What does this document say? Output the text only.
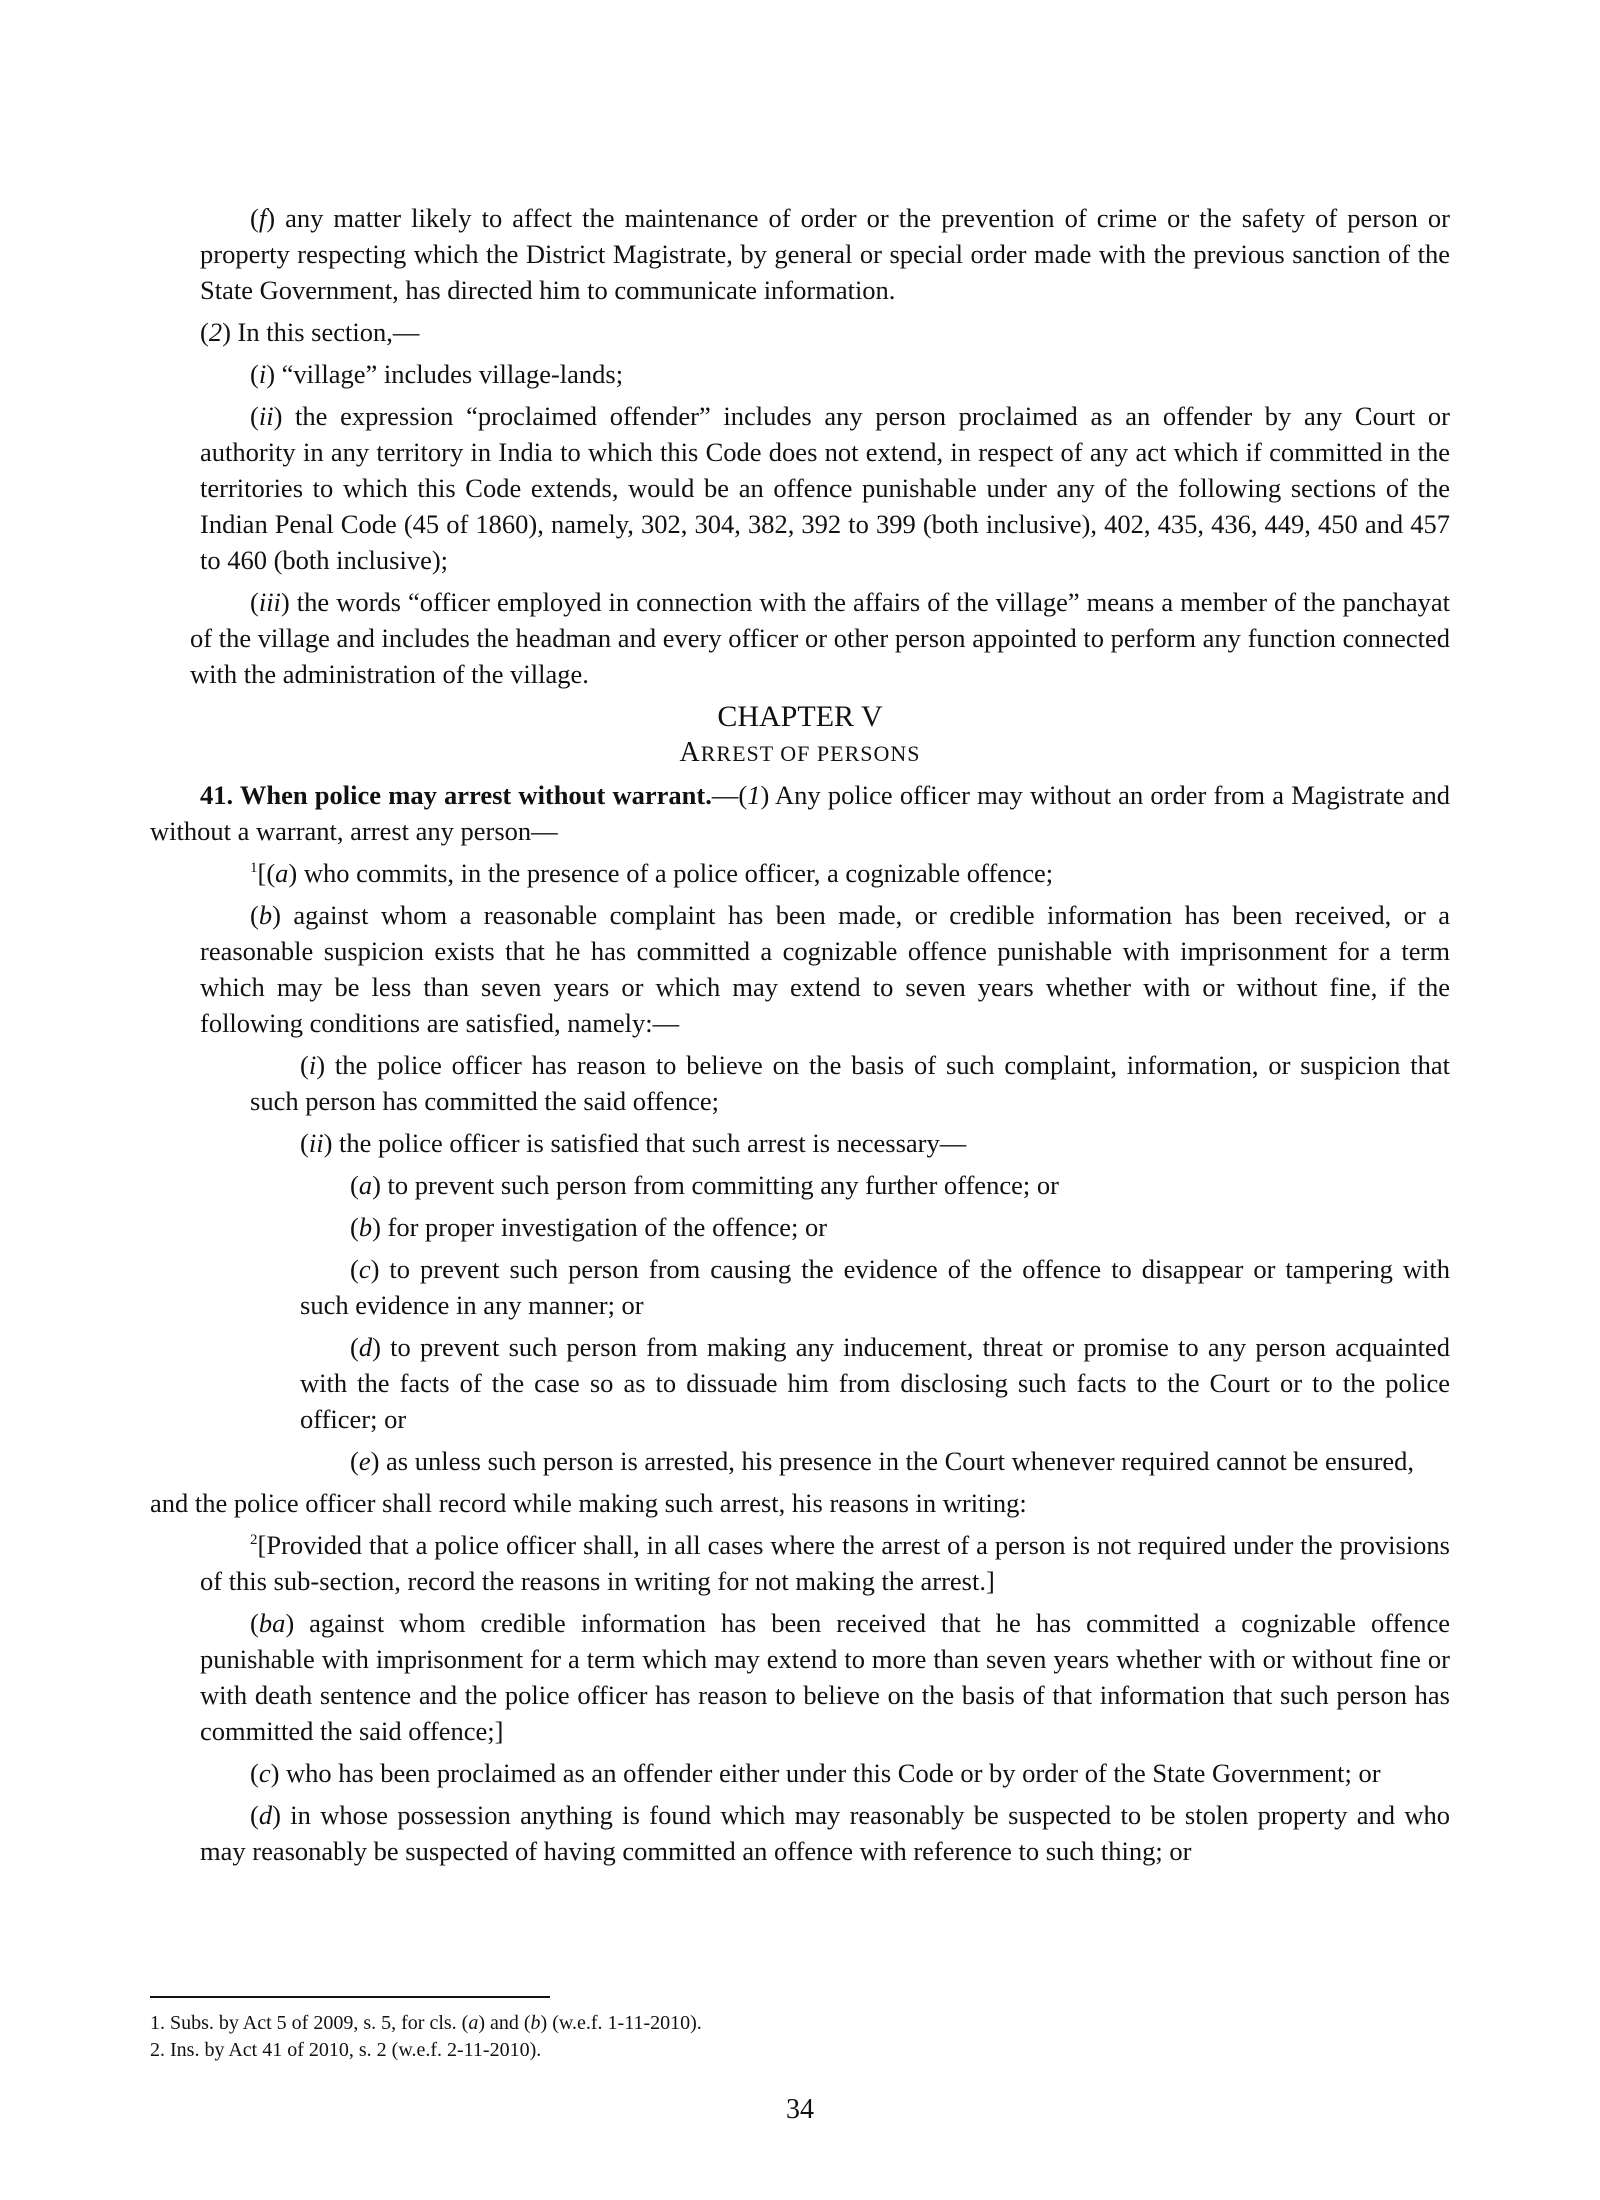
(f) any matter likely to affect the maintenance of order or the prevention of crime or the safety of person or property respecting which the District Magistrate, by general or special order made with the previous sanction of the State Government, has directed him to communicate information.

(2) In this section,—

(i) “village” includes village-lands;

(ii) the expression “proclaimed offender” includes any person proclaimed as an offender by any Court or authority in any territory in India to which this Code does not extend, in respect of any act which if committed in the territories to which this Code extends, would be an offence punishable under any of the following sections of the Indian Penal Code (45 of 1860), namely, 302, 304, 382, 392 to 399 (both inclusive), 402, 435, 436, 449, 450 and 457 to 460 (both inclusive);

(iii) the words “officer employed in connection with the affairs of the village” means a member of the panchayat of the village and includes the headman and every officer or other person appointed to perform any function connected with the administration of the village.

CHAPTER V

ARREST OF PERSONS

41. When police may arrest without warrant.—(1) Any police officer may without an order from a Magistrate and without a warrant, arrest any person—

$^1$[(a) who commits, in the presence of a police officer, a cognizable offence;

(b) against whom a reasonable complaint has been made, or credible information has been received, or a reasonable suspicion exists that he has committed a cognizable offence punishable with imprisonment for a term which may be less than seven years or which may extend to seven years whether with or without fine, if the following conditions are satisfied, namely:—

(i) the police officer has reason to believe on the basis of such complaint, information, or suspicion that such person has committed the said offence;

(ii) the police officer is satisfied that such arrest is necessary—

(a) to prevent such person from committing any further offence; or

(b) for proper investigation of the offence; or

(c) to prevent such person from causing the evidence of the offence to disappear or tampering with such evidence in any manner; or

(d) to prevent such person from making any inducement, threat or promise to any person acquainted with the facts of the case so as to dissuade him from disclosing such facts to the Court or to the police officer; or

(e) as unless such person is arrested, his presence in the Court whenever required cannot be ensured,

and the police officer shall record while making such arrest, his reasons in writing:

$^2$[Provided that a police officer shall, in all cases where the arrest of a person is not required under the provisions of this sub-section, record the reasons in writing for not making the arrest.]

(ba) against whom credible information has been received that he has committed a cognizable offence punishable with imprisonment for a term which may extend to more than seven years whether with or without fine or with death sentence and the police officer has reason to believe on the basis of that information that such person has committed the said offence;]

(c) who has been proclaimed as an offender either under this Code or by order of the State Government; or

(d) in whose possession anything is found which may reasonably be suspected to be stolen property and who may reasonably be suspected of having committed an offence with reference to such thing; or

1. Subs. by Act 5 of 2009, s. 5, for cls. (a) and (b) (w.e.f. 1-11-2010).
2. Ins. by Act 41 of 2010, s. 2 (w.e.f. 2-11-2010).
34
